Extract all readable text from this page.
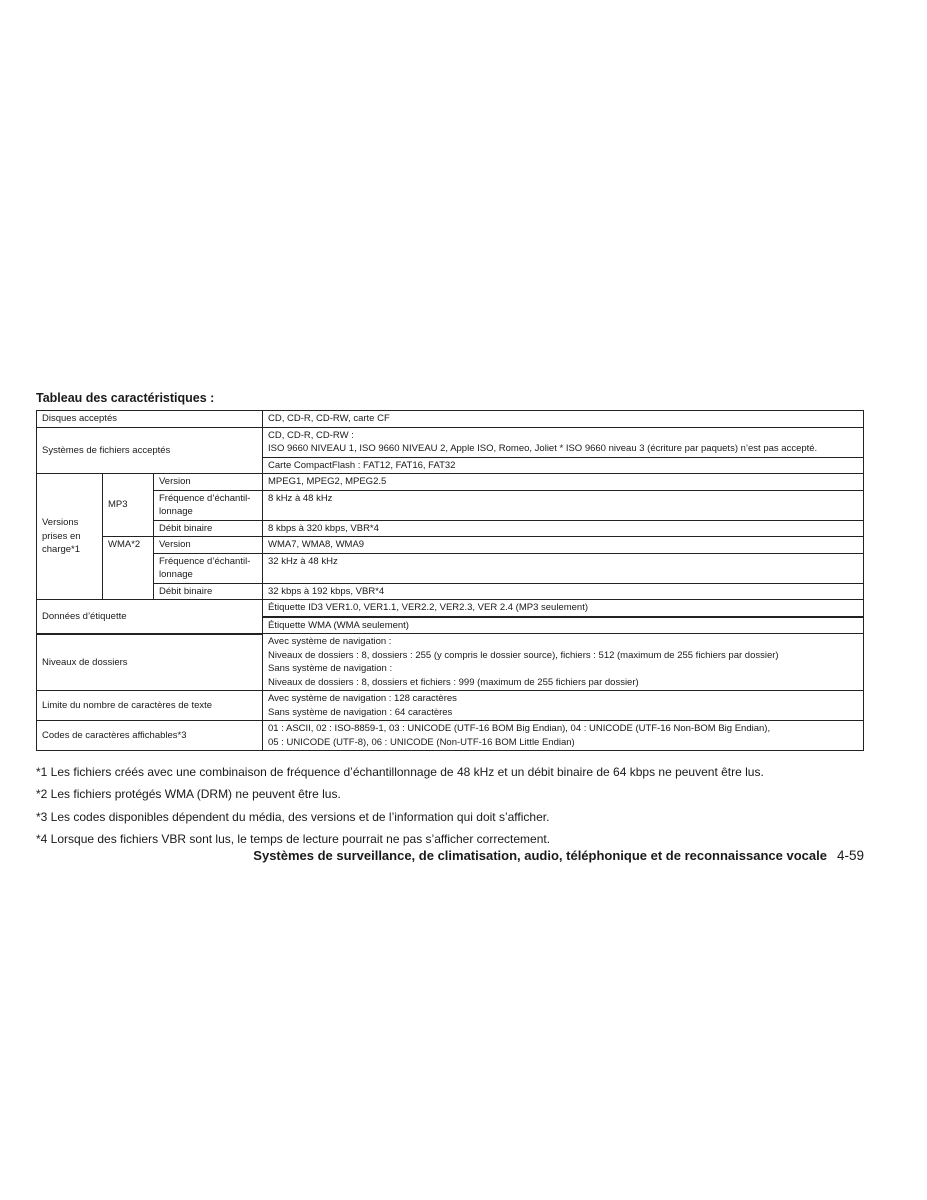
Tableau des caractéristiques :
Disques acceptés			CD, CD-R, CD-RW, carte CF
Systèmes de fichiers acceptés			CD, CD-R, CD-RW :
ISO 9660 NIVEAU 1, ISO 9660 NIVEAU 2, Apple ISO, Romeo, Joliet * ISO 9660 niveau 3 (écriture par paquets) n’est pas accepté.

			Carte CompactFlash : FAT12, FAT16, FAT32
Versions prises en charge*1	MP3	Version	MPEG1, MPEG2, MPEG2.5
		Fréquence d’échantil-lonnage	8 kHz à 48 kHz
		Débit binaire	8 kbps à 320 kbps, VBR*4
	WMA*2	Version	WMA7, WMA8, WMA9
		Fréquence d’échantil-lonnage	32 kHz à 48 kHz
		Débit binaire	32 kbps à 192 kbps, VBR*4
Données d’étiquette			Étiquette ID3 VER1.0, VER1.1, VER2.2, VER2.3, VER 2.4 (MP3 seulement)
			Étiquette WMA (WMA seulement)
Niveaux de dossiers			Avec système de navigation :
Niveaux de dossiers : 8, dossiers : 255 (y compris le dossier source), fichiers : 512 (maximum de 255 fichiers par dossier)
Sans système de navigation :
Niveaux de dossiers : 8, dossiers et fichiers : 999 (maximum de 255 fichiers par dossier)

Limite du nombre de caractères de texte			Avec système de navigation : 128 caractères
Sans système de navigation : 64 caractères

Codes de caractères affichables*3			01 : ASCII, 02 : ISO-8859-1, 03 : UNICODE (UTF-16 BOM Big Endian), 04 : UNICODE (UTF-16 Non-BOM Big Endian),
05 : UNICODE (UTF-8), 06 : UNICODE (Non-UTF-16 BOM Little Endian)
*1 Les fichiers créés avec une combinaison de fréquence d’échantillonnage de 48 kHz et un débit binaire de 64 kbps ne peuvent être lus.
*2 Les fichiers protégés WMA (DRM) ne peuvent être lus.
*3 Les codes disponibles dépendent du média, des versions et de l’information qui doit s’afficher.
*4 Lorsque des fichiers VBR sont lus, le temps de lecture pourrait ne pas s’afficher correctement.
Systèmes de surveillance, de climatisation, audio, téléphonique et de reconnaissance vocale 4-59
